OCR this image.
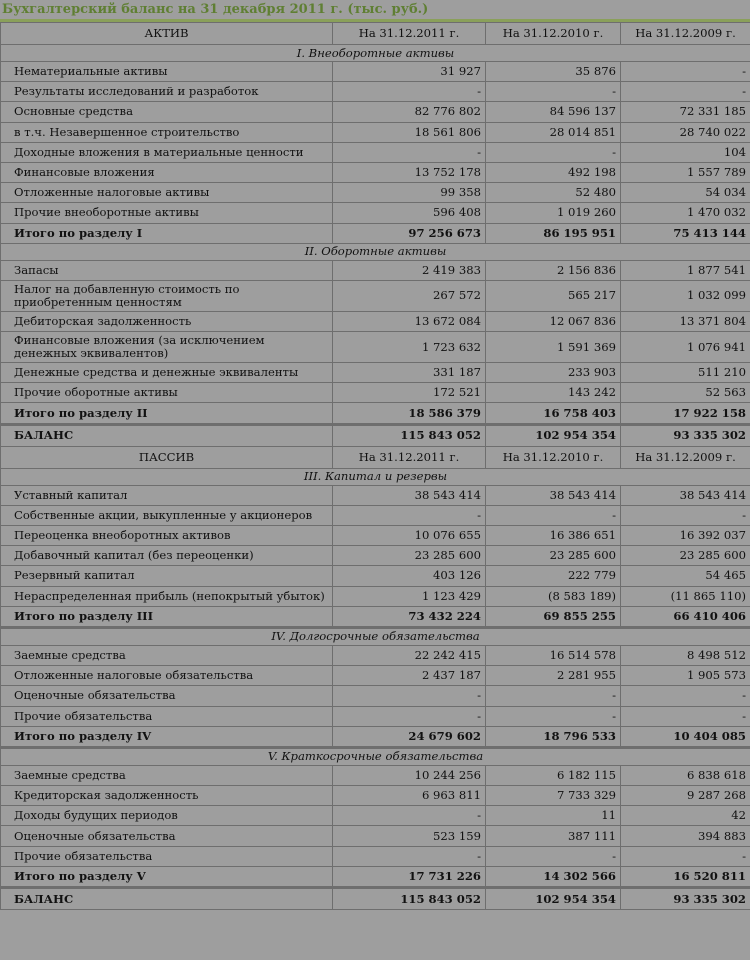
Бухгалтерский баланс на 31 декабря 2011 г. (тыс. руб.)
АКТИВ	На 31.12.2011 г.	На 31.12.2010 г.	На 31.12.2009 г.
I. Внеоборотные активы			
Нематериальные активы	31 927	35 876	-
Результаты исследований и разработок	-	-	-
Основные средства	82 776 802	84 596 137	72 331 185
в т.ч. Незавершенное строительство	18 561 806	28 014 851	28 740 022
Доходные вложения в материальные ценности	-	-	104
Финансовые вложения	13 752 178	492 198	1 557 789
Отложенные налоговые активы	99 358	52 480	54 034
Прочие внеоборотные активы	596 408	1 019 260	1 470 032
Итого по разделу I	97 256 673	86 195 951	75 413 144
II. Оборотные активы			
Запасы	2 419 383	2 156 836	1 877 541
Налог на добавленную стоимость по приобретенным ценностям	267 572	565 217	1 032 099
Дебиторская задолженность	13 672 084	12 067 836	13 371 804
Финансовые вложения (за исключением денежных эквивалентов)	1 723 632	1 591 369	1 076 941
Денежные средства и денежные эквиваленты	331 187	233 903	511 210
Прочие оборотные активы	172 521	143 242	52 563
Итого по разделу II	18 586 379	16 758 403	17 922 158
БАЛАНС	115 843 052	102 954 354	93 335 302
ПАССИВ	На 31.12.2011 г.	На 31.12.2010 г.	На 31.12.2009 г.
III. Капитал и резервы			
Уставный капитал	38 543 414	38 543 414	38 543 414
Собственные акции, выкупленные у акционеров	-	-	-
Переоценка внеоборотных активов	10 076 655	16 386 651	16 392 037
Добавочный капитал (без переоценки)	23 285 600	23 285 600	23 285 600
Резервный капитал	403 126	222 779	54 465
Нераспределенная прибыль (непокрытый убыток)	1 123 429	(8 583 189)	(11 865 110)
Итого по разделу III	73 432 224	69 855 255	66 410 406
IV. Долгосрочные обязательства			
Заемные средства	22 242 415	16 514 578	8 498 512
Отложенные налоговые обязательства	2 437 187	2 281 955	1 905 573
Оценочные обязательства	-	-	-
Прочие обязательства	-	-	-
Итого по разделу IV	24 679 602	18 796 533	10 404 085
V. Краткосрочные обязательства			
Заемные средства	10 244 256	6 182 115	6 838 618
Кредиторская задолженность	6 963 811	7 733 329	9 287 268
Доходы будущих периодов	-	11	42
Оценочные обязательства	523 159	387 111	394 883
Прочие обязательства	-	-	-
Итого по разделу V	17 731 226	14 302 566	16 520 811
БАЛАНС	115 843 052	102 954 354	93 335 302
